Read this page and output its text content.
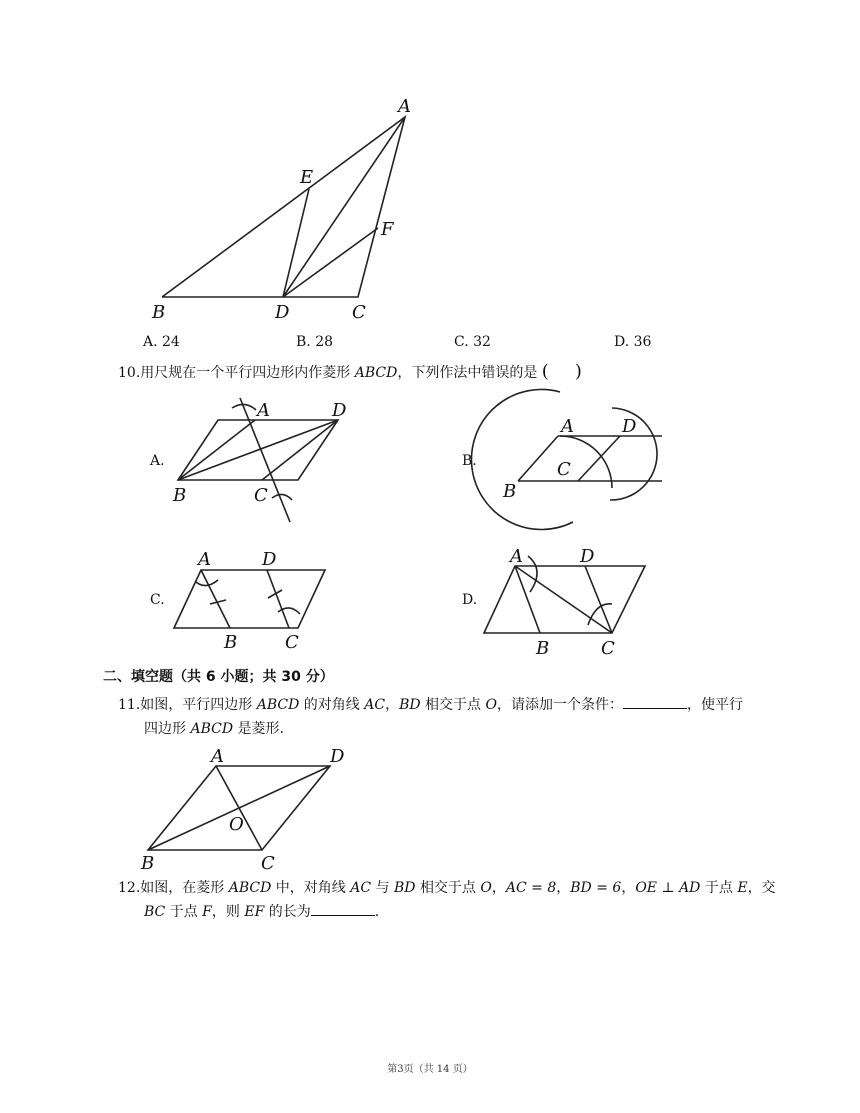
A
E
F
B	D	C
A. 24	B. 28	C. 32	D. 36
10.用尺规在一个平行四边形内作菱形 ABCD，下列作法中错误的是 ( )
A.
A	D
B	C
B.
A	D
C
B
C.
A	D
B	C
D.
A	D
B	C
二、填空题（共 6 小题；共 30 分）
11.如图，平行四边形 ABCD 的对角线 AC，BD 相交于点 O，请添加一个条件：	，使平行
四边形 ABCD 是菱形.
A	D
O
B	C
12.如图，在菱形 ABCD 中，对角线 AC 与 BD 相交于点 O，AC = 8，BD = 6，OE ⊥ AD 于点 E，交
BC 于点 F，则 EF 的长为	.
第3页（共 14 页）
